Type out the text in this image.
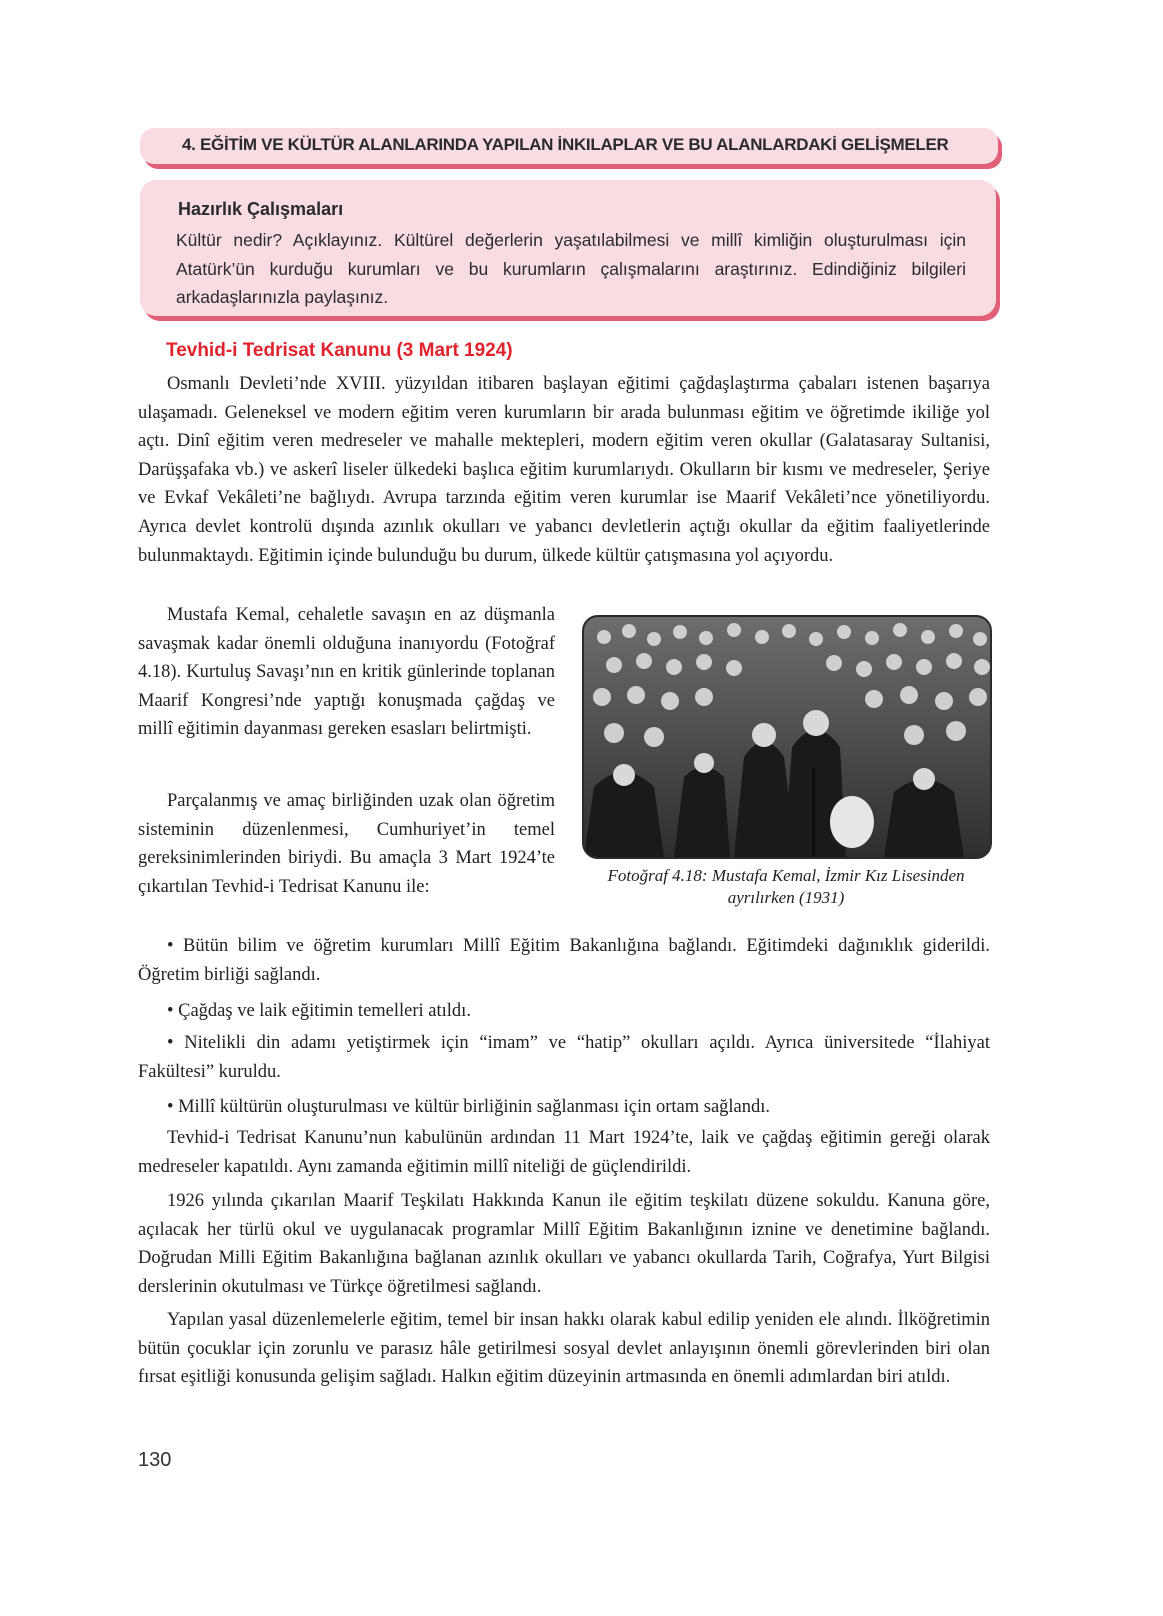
4. EĞİTİM VE KÜLTÜR ALANLARINDA YAPILAN İNKILAPLAR VE BU ALANLARDAKİ GELİŞMELER
Hazırlık Çalışmaları
Kültür nedir? Açıklayınız. Kültürel değerlerin yaşatılabilmesi ve millî kimliğin oluşturulması için Atatürk’ün kurduğu kurumları ve bu kurumların çalışmalarını araştırınız. Edindiğiniz bilgileri arkadaşlarınızla paylaşınız.
Tevhid-i Tedrisat Kanunu (3 Mart 1924)
Osmanlı Devleti’nde XVIII. yüzyıldan itibaren başlayan eğitimi çağdaşlaştırma çabaları istenen başarıya ulaşamadı. Geleneksel ve modern eğitim veren kurumların bir arada bulunması eğitim ve öğretimde ikiliğe yol açtı. Dinî eğitim veren medreseler ve mahalle mektepleri, modern eğitim veren okullar (Galatasaray Sultanisi, Darüşşafaka vb.) ve askerî liseler ülkedeki başlıca eğitim kurumlarıydı. Okulların bir kısmı ve medreseler, Şeriye ve Evkaf Vekâleti’ne bağlıydı. Avrupa tarzında eğitim veren kurumlar ise Maarif Vekâleti’nce yönetiliyordu. Ayrıca devlet kontrolü dışında azınlık okulları ve yabancı devletlerin açtığı okullar da eğitim faaliyetlerinde bulunmaktaydı. Eğitimin içinde bulunduğu bu durum, ülkede kültür çatışmasına yol açıyordu.
Mustafa Kemal, cehaletle savaşın en az düşmanla savaşmak kadar önemli olduğuna inanıyordu (Fotoğraf 4.18). Kurtuluş Savaşı’nın en kritik günlerinde toplanan Maarif Kongresi’nde yaptığı konuşmada çağdaş ve millî eğitimin dayanması gereken esasları belirtmişti.
Parçalanmış ve amaç birliğinden uzak olan öğretim sisteminin düzenlenmesi, Cumhuriyet’in temel gereksinimlerinden biriydi. Bu amaçla 3 Mart 1924’te çıkartılan Tevhid-i Tedrisat Kanunu ile:
Fotoğraf 4.18: Mustafa Kemal, İzmir Kız Lisesinden ayrılırken (1931)
• Bütün bilim ve öğretim kurumları Millî Eğitim Bakanlığına bağlandı. Eğitimdeki dağınıklık giderildi. Öğretim birliği sağlandı.
• Çağdaş ve laik eğitimin temelleri atıldı.
• Nitelikli din adamı yetiştirmek için “imam” ve “hatip” okulları açıldı. Ayrıca üniversitede “İlahiyat Fakültesi” kuruldu.
• Millî kültürün oluşturulması ve kültür birliğinin sağlanması için ortam sağlandı.
Tevhid-i Tedrisat Kanunu’nun kabulünün ardından 11 Mart 1924’te, laik ve çağdaş eğitimin gereği olarak medreseler kapatıldı. Aynı zamanda eğitimin millî niteliği de güçlendirildi.
1926 yılında çıkarılan Maarif Teşkilatı Hakkında Kanun ile eğitim teşkilatı düzene sokuldu. Kanuna göre, açılacak her türlü okul ve uygulanacak programlar Millî Eğitim Bakanlığının iznine ve denetimine bağlandı. Doğrudan Milli Eğitim Bakanlığına bağlanan azınlık okulları ve yabancı okullarda Tarih, Coğrafya, Yurt Bilgisi derslerinin okutulması ve Türkçe öğretilmesi sağlandı.
Yapılan yasal düzenlemelerle eğitim, temel bir insan hakkı olarak kabul edilip yeniden ele alındı. İlköğretimin bütün çocuklar için zorunlu ve parasız hâle getirilmesi sosyal devlet anlayışının önemli görevlerinden biri olan fırsat eşitliği konusunda gelişim sağladı. Halkın eğitim düzeyinin artmasında en önemli adımlardan biri atıldı.
130
